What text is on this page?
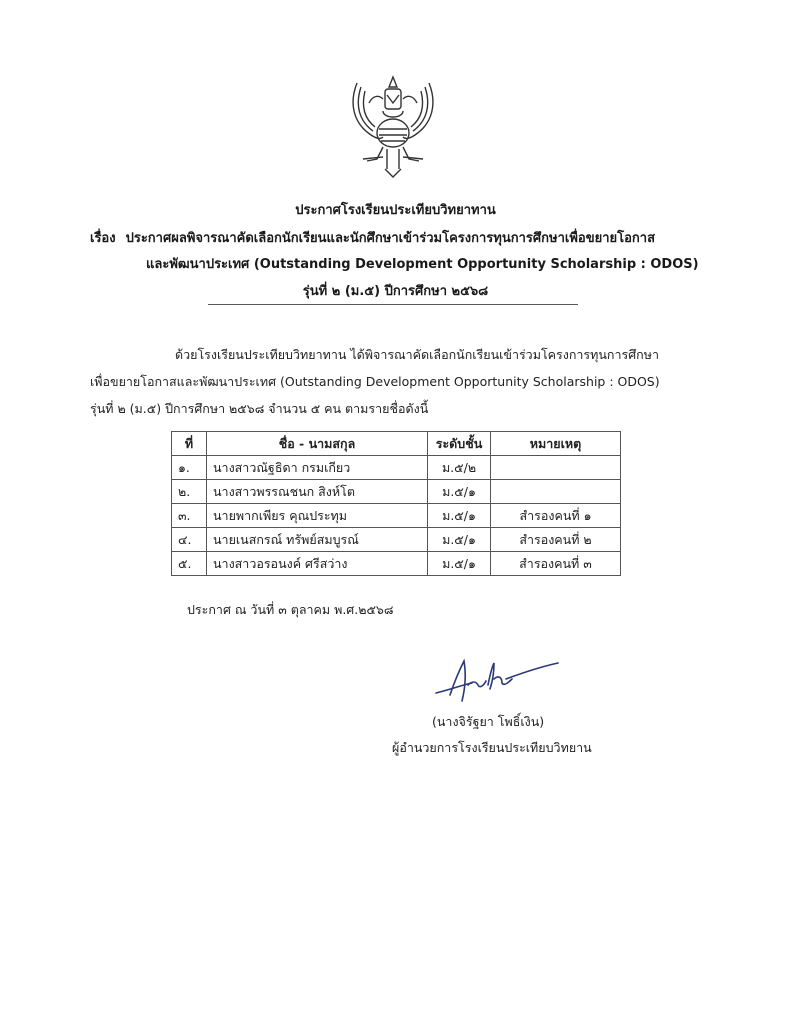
ประกาศโรงเรียนประเทียบวิทยาทาน
เรื่อง ประกาศผลพิจารณาคัดเลือกนักเรียนและนักศึกษาเข้าร่วมโครงการทุนการศึกษาเพื่อขยายโอกาส
และพัฒนาประเทศ (Outstanding Development Opportunity Scholarship : ODOS)
รุ่นที่ ๒ (ม.๕) ปีการศึกษา ๒๕๖๘
ด้วยโรงเรียนประเทียบวิทยาทาน ได้พิจารณาคัดเลือกนักเรียนเข้าร่วมโครงการทุนการศึกษา
เพื่อขยายโอกาสและพัฒนาประเทศ (Outstanding Development Opportunity Scholarship : ODOS)
รุ่นที่ ๒ (ม.๕) ปีการศึกษา ๒๕๖๘ จำนวน ๕ คน ตามรายชื่อดังนี้
ที่	ชื่อ - นามสกุล	ระดับชั้น	หมายเหตุ
๑.	นางสาวณัฐธิดา กรมเกียว	ม.๕/๒	
๒.	นางสาวพรรณชนก สิงห์โต	ม.๕/๑	
๓.	นายพากเพียร คุณประทุม	ม.๕/๑	สำรองคนที่ ๑
๔.	นายเนสกรณ์ ทรัพย์สมบูรณ์	ม.๕/๑	สำรองคนที่ ๒
๕.	นางสาวอรอนงค์ ศรีสว่าง	ม.๕/๑	สำรองคนที่ ๓
ประกาศ ณ วันที่ ๓ ตุลาคม พ.ศ.๒๕๖๘
(นางจิรัฐยา โพธิ์เงิน)
ผู้อำนวยการโรงเรียนประเทียบวิทยาน
